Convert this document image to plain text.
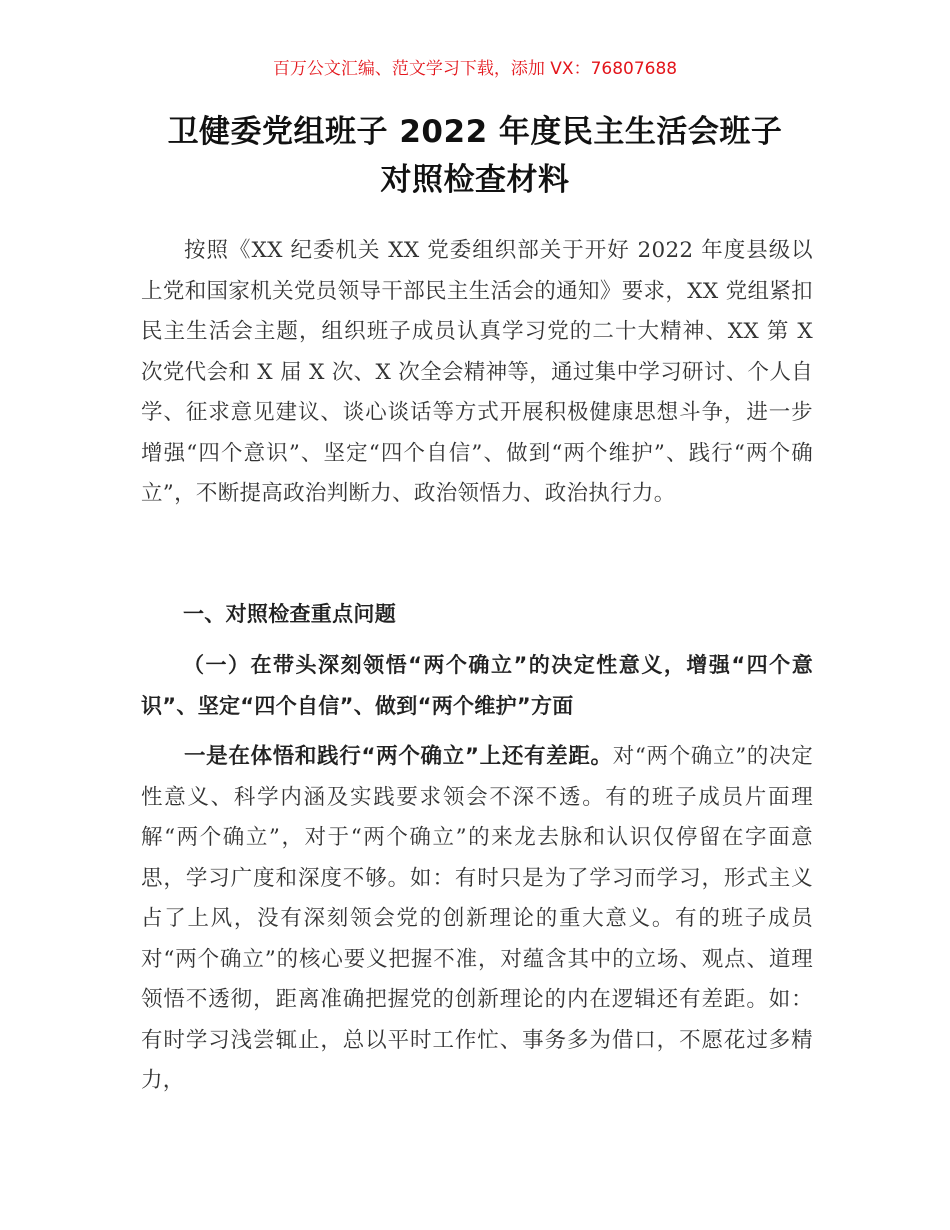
百万公文汇编、范文学习下载，添加 VX：76807688
卫健委党组班子 2022 年度民主生活会班子
对照检查材料

按照《XX 纪委机关 XX 党委组织部关于开好 2022 年度县级以上党和国家机关党员领导干部民主生活会的通知》要求，XX 党组紧扣民主生活会主题，组织班子成员认真学习党的二十大精神、XX 第 X 次党代会和 X 届 X 次、X 次全会精神等，通过集中学习研讨、个人自学、征求意见建议、谈心谈话等方式开展积极健康思想斗争，进一步增强“四个意识”、坚定“四个自信”、做到“两个维护”、践行“两个确立”，不断提高政治判断力、政治领悟力、政治执行力。

一、对照检查重点问题

（一）在带头深刻领悟“两个确立”的决定性意义，增强“四个意识”、坚定“四个自信”、做到“两个维护”方面

一是在体悟和践行“两个确立”上还有差距。对“两个确立”的决定性意义、科学内涵及实践要求领会不深不透。有的班子成员片面理解“两个确立”，对于“两个确立”的来龙去脉和认识仅停留在字面意思，学习广度和深度不够。如：有时只是为了学习而学习，形式主义占了上风，没有深刻领会党的创新理论的重大意义。有的班子成员对“两个确立”的核心要义把握不准，对蕴含其中的立场、观点、道理领悟不透彻，距离准确把握党的创新理论的内在逻辑还有差距。如：有时学习浅尝辄止，总以平时工作忙、事务多为借口，不愿花过多精力，
